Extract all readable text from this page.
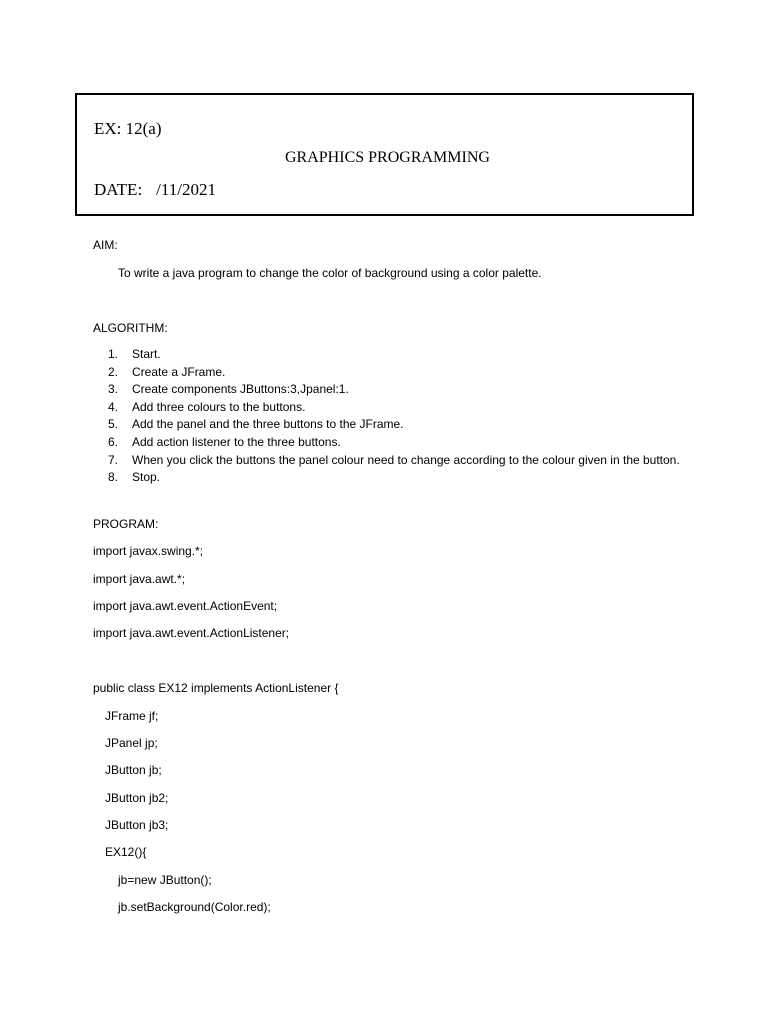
EX: 12(a)
GRAPHICS PROGRAMMING
DATE: /11/2021
AIM:
To write a java program to change the color of background using a color palette.
ALGORITHM:
1. Start.
2. Create a JFrame.
3. Create components JButtons:3,Jpanel:1.
4. Add three colours to the buttons.
5. Add the panel and the three buttons to the JFrame.
6. Add action listener to the three buttons.
7. When you click the buttons the panel colour need to change according to the colour given in the button.
8. Stop.
PROGRAM:
import javax.swing.*;
import java.awt.*;
import java.awt.event.ActionEvent;
import java.awt.event.ActionListener;
public class EX12 implements ActionListener {
JFrame jf;
JPanel jp;
JButton jb;
JButton jb2;
JButton jb3;
EX12(){
jb=new JButton();
jb.setBackground(Color.red);
